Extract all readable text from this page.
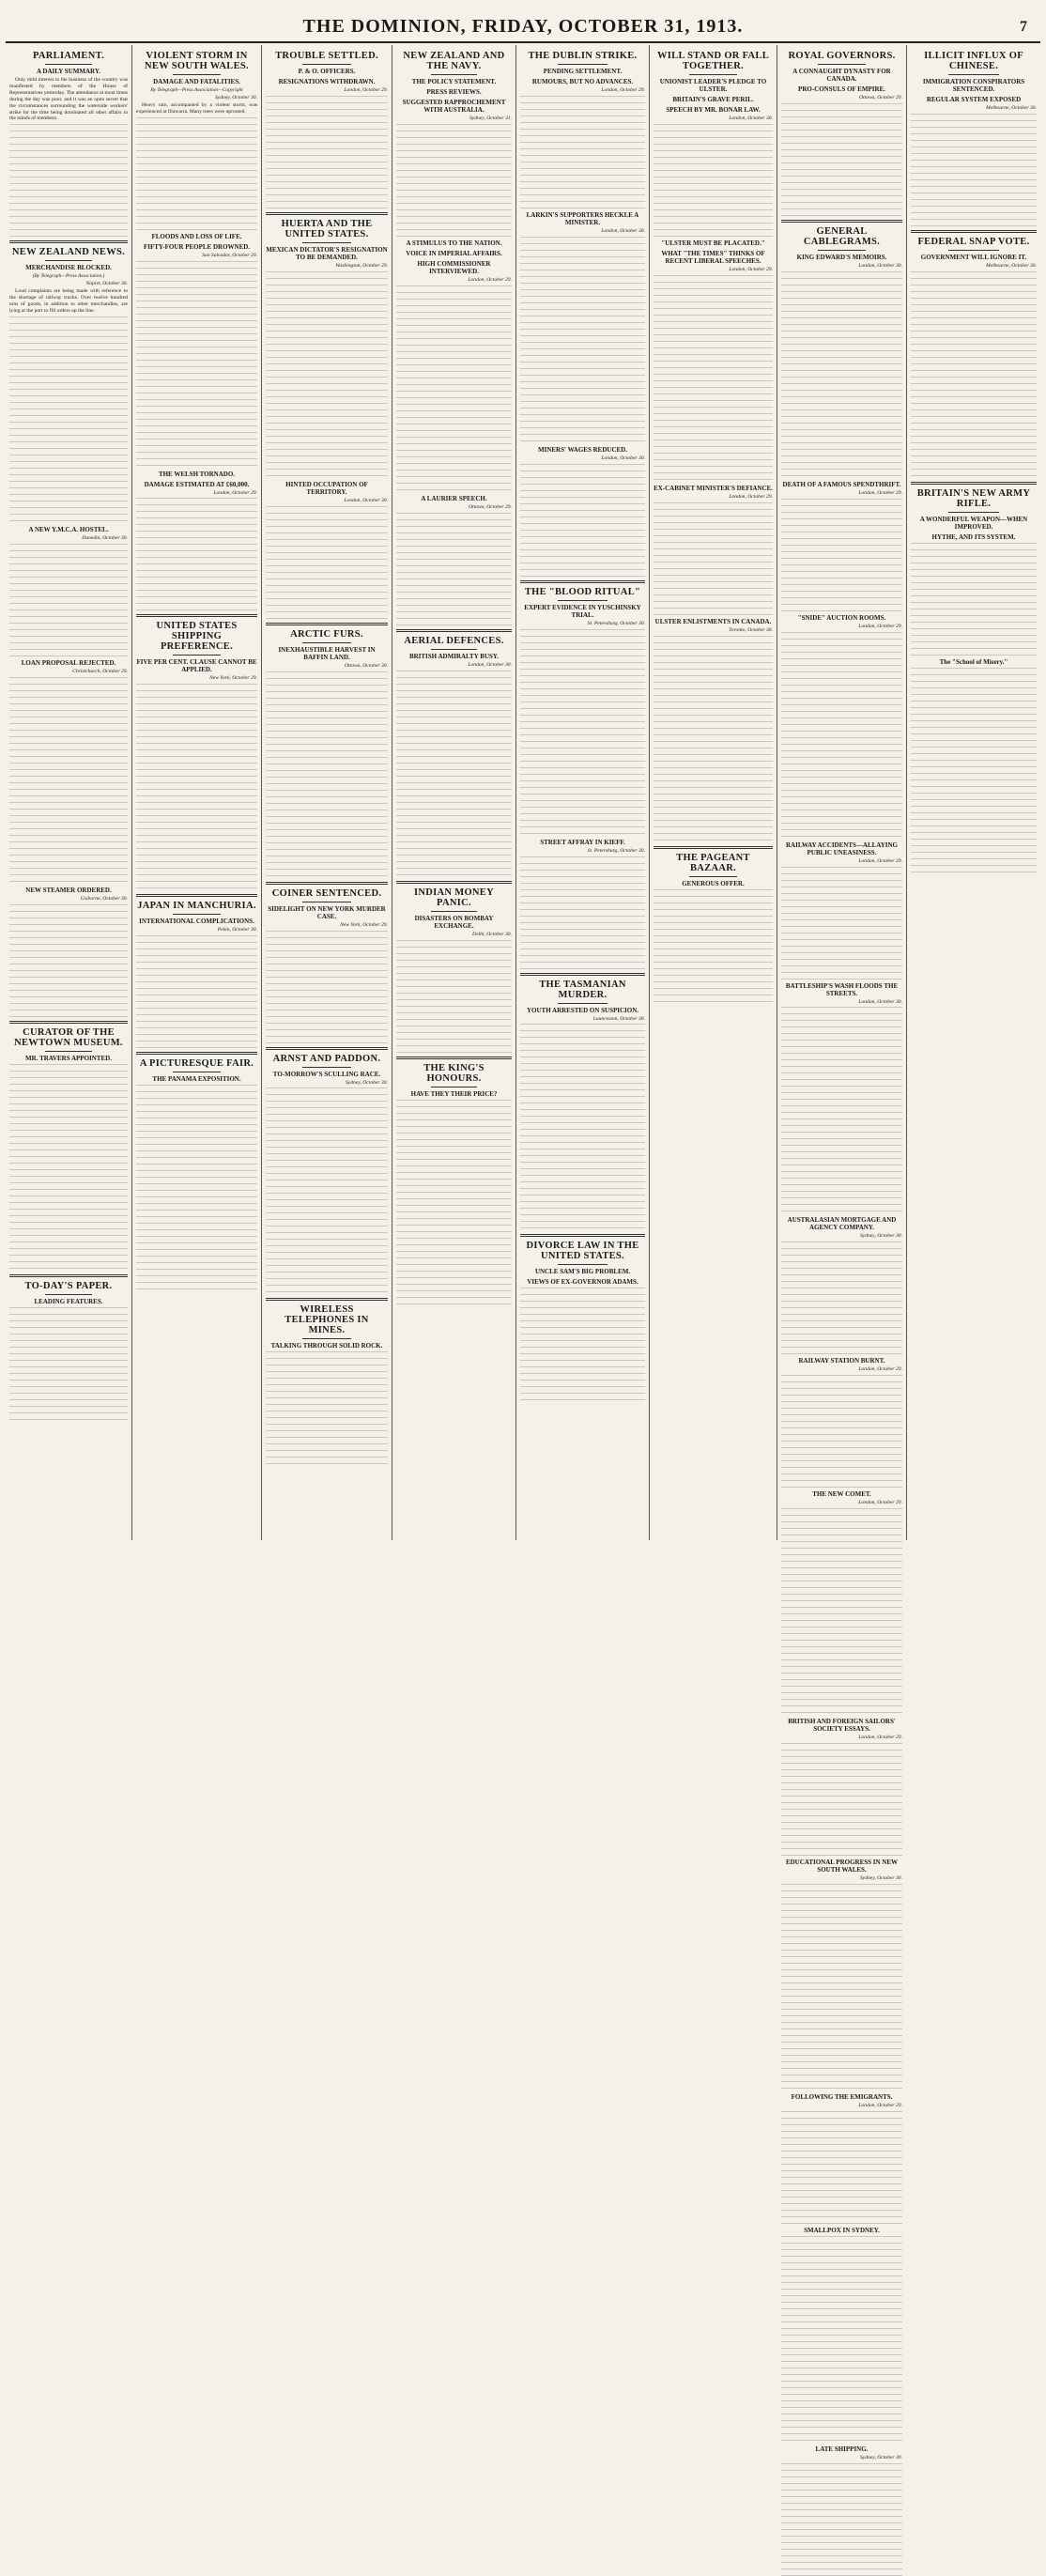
THE DOMINION, FRIDAY, OCTOBER 31, 1913.	7
PARLIAMENT.
A DAILY SUMMARY.

Only mild interest in the business of the country was manifested by members of the House of Representatives yesterday. The attendance at most times during the day was poor, and it was an open secret that the circumstances surrounding the waterside workers' strike for the time being dominated all other affairs in the minds of members.

NEW ZEALAND NEWS.
MERCHANDISE BLOCKED.
(By Telegraph—Press Association.)
Napier, October 30.

Loud complaints are being made with reference to the shortage of railway trucks. Over twelve hundred tons of goods, in addition to other merchandise, are lying at the port to fill orders up the line.

A NEW Y.M.C.A. HOSTEL.
Dunedin, October 30.
LOAN PROPOSAL REJECTED.
Christchurch, October 29.
NEW STEAMER ORDERED.
Gisborne, October 30.
CURATOR OF THE NEWTOWN MUSEUM.
MR. TRAVERS APPOINTED.
TO-DAY'S PAPER.
LEADING FEATURES.
VIOLENT STORM IN NEW SOUTH WALES.
DAMAGE AND FATALITIES.
By Telegraph—Press Association—Copyright
Sydney, October 30.

Heavy rain, accompanied by a violent storm, was experienced at Illawarra. Many trees were uprooted.

FLOODS AND LOSS OF LIFE.
FIFTY-FOUR PEOPLE DROWNED.
San Salvador, October 29.
THE WELSH TORNADO.
DAMAGE ESTIMATED AT £60,000.
London, October 29.
UNITED STATES SHIPPING PREFERENCE.
FIVE PER CENT. CLAUSE CANNOT BE APPLIED.
New York, October 29.
JAPAN IN MANCHURIA.
INTERNATIONAL COMPLICATIONS.
Pekin, October 30.
A PICTURESQUE FAIR.
THE PANAMA EXPOSITION.
TROUBLE SETTLED.
P. & O. OFFICERS.
RESIGNATIONS WITHDRAWN.
London, October 29.
HUERTA AND THE UNITED STATES.
MEXICAN DICTATOR'S RESIGNATION TO BE DEMANDED.
Washington, October 29.
HINTED OCCUPATION OF TERRITORY.
London, October 30.
ARCTIC FURS.
INEXHAUSTIBLE HARVEST IN BAFFIN LAND.
Ottawa, October 30.
COINER SENTENCED.
SIDELIGHT ON NEW YORK MURDER CASE.
New York, October 29.
ARNST AND PADDON.
TO-MORROW'S SCULLING RACE.
Sydney, October 30.
WIRELESS TELEPHONES IN MINES.
TALKING THROUGH SOLID ROCK.
NEW ZEALAND AND THE NAVY.
THE POLICY STATEMENT.
PRESS REVIEWS.
SUGGESTED RAPPROCHEMENT WITH AUSTRALIA.
Sydney, October 31.
A STIMULUS TO THE NATION.
VOICE IN IMPERIAL AFFAIRS.
HIGH COMMISSIONER INTERVIEWED.
London, October 29.
A LAURIER SPEECH.
Ottawa, October 29.
AERIAL DEFENCES.
BRITISH ADMIRALTY BUSY.
London, October 30.
INDIAN MONEY PANIC.
DISASTERS ON BOMBAY EXCHANGE.
Delhi, October 30.
THE KING'S HONOURS.
HAVE THEY THEIR PRICE?
THE DUBLIN STRIKE.
PENDING SETTLEMENT.
RUMOURS, BUT NO ADVANCES.
London, October 29.
LARKIN'S SUPPORTERS HECKLE A MINISTER.
London, October 30.
MINERS' WAGES REDUCED.
London, October 30.
THE "BLOOD RITUAL"
EXPERT EVIDENCE IN YUSCHINSKY TRIAL.
St. Petersburg, October 30.
STREET AFFRAY IN KIEFF.
St. Petersburg, October 30.
THE TASMANIAN MURDER.
YOUTH ARRESTED ON SUSPICION.
Launceston, October 30.
DIVORCE LAW IN THE UNITED STATES.
UNCLE SAM'S BIG PROBLEM.
VIEWS OF EX-GOVERNOR ADAMS.
WILL STAND OR FALL TOGETHER.
UNIONIST LEADER'S PLEDGE TO ULSTER.
BRITAIN'S GRAVE PERIL.
SPEECH BY MR. BONAR LAW.
London, October 30.
"ULSTER MUST BE PLACATED."
WHAT "THE TIMES" THINKS OF RECENT LIBERAL SPEECHES.
London, October 29.
EX-CABINET MINISTER'S DEFIANCE.
London, October 29.
ULSTER ENLISTMENTS IN CANADA.
Toronto, October 30.
THE PAGEANT BAZAAR.
GENEROUS OFFER.
ROYAL GOVERNORS.
A CONNAUGHT DYNASTY FOR CANADA.
PRO-CONSULS OF EMPIRE.
Ottawa, October 29.
GENERAL CABLEGRAMS.
KING EDWARD'S MEMOIRS.
London, October 30.
DEATH OF A FAMOUS SPENDTHRIFT.
London, October 29.
"SNIDE" AUCTION ROOMS.
London, October 29.
RAILWAY ACCIDENTS—ALLAYING PUBLIC UNEASINESS.
London, October 29.
BATTLESHIP'S WASH FLOODS THE STREETS.
London, October 30.
AUSTRALASIAN MORTGAGE AND AGENCY COMPANY.
Sydney, October 30.
RAILWAY STATION BURNT.
London, October 29.
THE NEW COMET.
London, October 29.
BRITISH AND FOREIGN SAILORS' SOCIETY ESSAYS.
London, October 29.
EDUCATIONAL PROGRESS IN NEW SOUTH WALES.
Sydney, October 30.
FOLLOWING THE EMIGRANTS.
London, October 29.
SMALLPOX IN SYDNEY.
LATE SHIPPING.
Sydney, October 30.
ILLICIT INFLUX OF CHINESE.
IMMIGRATION CONSPIRATORS SENTENCED.
REGULAR SYSTEM EXPOSED
Melbourne, October 30.
FEDERAL SNAP VOTE.
GOVERNMENT WILL IGNORE IT.
Melbourne, October 30.
BRITAIN'S NEW ARMY RIFLE.
A WONDERFUL WEAPON—WHEN IMPROVED.
HYTHE, AND ITS SYSTEM.
The "School of Misery."
